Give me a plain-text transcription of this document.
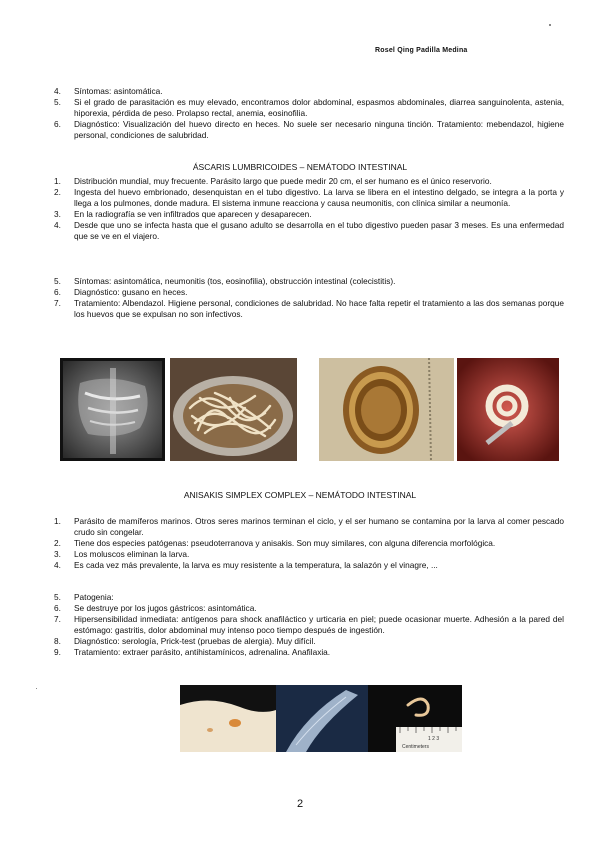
Rosel Qing Padilla Medina
4. Síntomas: asintomática.
5. Si el grado de parasitación es muy elevado, encontramos dolor abdominal, espasmos abdominales, diarrea sanguinolenta, astenia, hiporexia, pérdida de peso. Prolapso rectal, anemia, eosinofilia.
6. Diagnóstico: Visualización del huevo directo en heces. No suele ser necesario ninguna tinción. Tratamiento: mebendazol, higiene personal, condiciones de salubridad.
ÁSCARIS LUMBRICOIDES – NEMÁTODO INTESTINAL
1. Distribución mundial, muy frecuente. Parásito largo que puede medir 20 cm, el ser humano es el único reservorio.
2. Ingesta del huevo embrionado, desenquistan en el tubo digestivo. La larva se libera en el intestino delgado, se integra a la porta y llega a los pulmones, donde madura. El sistema inmune reacciona y causa neumonitis, con clínica similar a neumonía.
3. En la radiografía se ven infiltrados que aparecen y desaparecen.
4. Desde que uno se infecta hasta que el gusano adulto se desarrolla en el tubo digestivo pueden pasar 3 meses. Es una enfermedad que se ve en el viajero.
5. Síntomas: asintomática, neumonitis (tos, eosinofilia), obstrucción intestinal (colecistitis).
6. Diagnóstico: gusano en heces.
7. Tratamiento: Albendazol. Higiene personal, condiciones de salubridad. No hace falta repetir el tratamiento a las dos semanas porque los huevos que se expulsan no son infectivos.
ANISAKIS SIMPLEX COMPLEX – NEMÁTODO INTESTINAL
1. Parásito de mamíferos marinos. Otros seres marinos terminan el ciclo, y el ser humano se contamina por la larva al comer pescado crudo sin congelar.
2. Tiene dos especies patógenas: pseudoterranova y anisakis. Son muy similares, con alguna diferencia morfológica.
3. Los moluscos eliminan la larva.
4. Es cada vez más prevalente, la larva es muy resistente a la temperatura, la salazón y el vinagre, ...
5. Patogenia:
6. Se destruye por los jugos gástricos: asintomática.
7. Hipersensibilidad inmediata: antígenos para shock anafiláctico y urticaria en piel; puede ocasionar muerte. Adhesión a la pared del estómago: gastritis, dolor abdominal muy intenso poco tiempo después de ingestión.
8. Diagnóstico: serología, Prick-test (pruebas de alergia). Muy difícil.
9. Tratamiento: extraer parásito, antihistamínicos, adrenalina. Anafilaxia.
1 2 3
Centimeters
2
